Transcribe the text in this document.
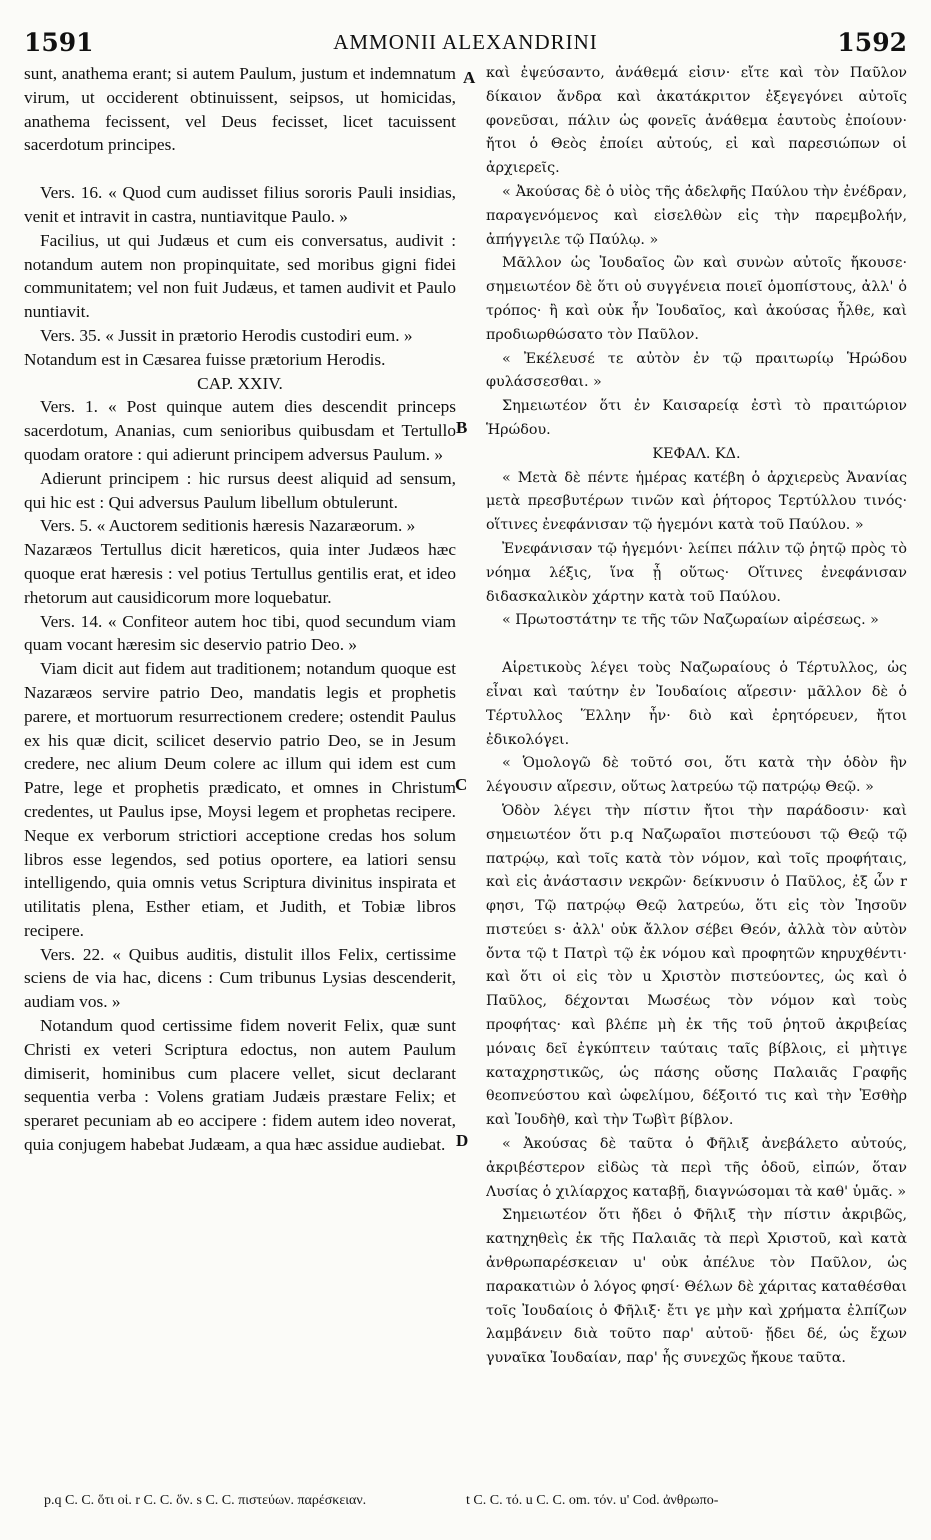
1591	AMMONII ALEXANDRINI	1592

sunt, anathema erant; si autem Paulum, justum et indemnatum virum, ut occiderent obtinuissent, seipsos, ut homicidas, anathema fecissent, vel Deus fecisset, licet tacuissent sacerdotum principes.

Vers. 16. « Quod cum audisset filius sororis Pauli insidias, venit et intravit in castra, nuntiavitque Paulo. »

Facilius, ut qui Judæus et cum eis conversatus, audivit : notandum autem non propinquitate, sed moribus gigni fidei communitatem; vel non fuit Judæus, et tamen audivit et Paulo nuntiavit.

Vers. 35. « Jussit in prætorio Herodis custodiri eum. »

Notandum est in Cæsarea fuisse prætorium Herodis.

CAP. XXIV.

Vers. 1. « Post quinque autem dies descendit princeps sacerdotum, Ananias, cum senioribus quibusdam et Tertullo quodam oratore : qui adierunt principem adversus Paulum. »

Adierunt principem : hic rursus deest aliquid ad sensum, qui hic est : Qui adversus Paulum libellum obtulerunt.

Vers. 5. « Auctorem seditionis hæresis Nazaræorum. »

Nazaræos Tertullus dicit hæreticos, quia inter Judæos hæc quoque erat hæresis : vel potius Tertullus gentilis erat, et ideo rhetorum aut causidicorum more loquebatur.

Vers. 14. « Confiteor autem hoc tibi, quod secundum viam quam vocant hæresim sic deservio patrio Deo. »

Viam dicit aut fidem aut traditionem; notandum quoque est Nazaræos servire patrio Deo, mandatis legis et prophetis parere, et mortuorum resurrectionem credere; ostendit Paulus ex his quæ dicit, scilicet deservio patrio Deo, se in Jesum credere, nec alium Deum colere ac illum qui idem est cum Patre, lege et prophetis prædicato, et omnes in Christum credentes, ut Paulus ipse, Moysi legem et prophetas recipere. Neque ex verborum strictiori acceptione credas hos solum libros esse legendos, sed potius oportere, ea latiori sensu intelligendo, quia omnis vetus Scriptura divinitus inspirata et utilitatis plena, Esther etiam, et Judith, et Tobiæ libros recipere.

Vers. 22. « Quibus auditis, distulit illos Felix, certissime sciens de via hac, dicens : Cum tribunus Lysias descenderit, audiam vos. »

Notandum quod certissime fidem noverit Felix, quæ sunt Christi ex veteri Scriptura edoctus, non autem Paulum dimiserit, hominibus cum placere vellet, sicut declarant sequentia verba : Volens gratiam Judæis præstare Felix; et speraret pecuniam ab eo accipere : fidem autem ideo noverat, quia conjugem habebat Judæam, a qua hæc assidue audiebat.

καὶ ἐψεύσαντο, ἀνάθεμά εἰσιν· εἴτε καὶ τὸν Παῦλον δίκαιον ἄνδρα καὶ ἀκατάκριτον ἐξεγεγόνει αὐτοῖς φονεῦσαι, πάλιν ὡς φονεῖς ἀνάθεμα ἑαυτοὺς ἐποίουν· ἤτοι ὁ Θεὸς ἐποίει αὐτούς, εἰ καὶ παρεσιώπων οἱ ἀρχιερεῖς.

« Ἀκούσας δὲ ὁ υἱὸς τῆς ἀδελφῆς Παύλου τὴν ἐνέδραν, παραγενόμενος καὶ εἰσελθὼν εἰς τὴν παρεμβολήν, ἀπήγγειλε τῷ Παύλῳ. »

Μᾶλλον ὡς Ἰουδαῖος ὢν καὶ συνὼν αὐτοῖς ἤκουσε· σημειωτέον δὲ ὅτι οὐ συγγένεια ποιεῖ ὁμοπίστους, ἀλλ' ὁ τρόπος· ἢ καὶ οὐκ ἦν Ἰουδαῖος, καὶ ἀκούσας ἦλθε, καὶ προδιωρθώσατο τὸν Παῦλον.

« Ἐκέλευσέ τε αὐτὸν ἐν τῷ πραιτωρίῳ Ἡρώδου φυλάσσεσθαι. »

Σημειωτέον ὅτι ἐν Καισαρείᾳ ἐστὶ τὸ πραιτώριον Ἡρώδου.

ΚΕΦΑΛ. ΚΔ.

« Μετὰ δὲ πέντε ἡμέρας κατέβη ὁ ἀρχιερεὺς Ἀνανίας μετὰ πρεσβυτέρων τινῶν καὶ ῥήτορος Τερτύλλου τινός· οἵτινες ἐνεφάνισαν τῷ ἡγεμόνι κατὰ τοῦ Παύλου. »

Ἐνεφάνισαν τῷ ἡγεμόνι· λείπει πάλιν τῷ ῥητῷ πρὸς τὸ νόημα λέξις, ἵνα ᾖ οὕτως· Οἵτινες ἐνεφάνισαν διδασκαλικὸν χάρτην κατὰ τοῦ Παύλου.

« Πρωτοστάτην τε τῆς τῶν Ναζωραίων αἱρέσεως. »

Αἱρετικοὺς λέγει τοὺς Ναζωραίους ὁ Τέρτυλλος, ὡς εἶναι καὶ ταύτην ἐν Ἰουδαίοις αἵρεσιν· μᾶλλον δὲ ὁ Τέρτυλλος Ἕλλην ἦν· διὸ καὶ ἐρητόρευεν, ἤτοι ἐδικολόγει.

« Ὁμολογῶ δὲ τοῦτό σοι, ὅτι κατὰ τὴν ὁδὸν ἣν λέγουσιν αἵρεσιν, οὕτως λατρεύω τῷ πατρῴῳ Θεῷ. »

Ὁδὸν λέγει τὴν πίστιν ἤτοι τὴν παράδοσιν· καὶ σημειωτέον ὅτι p.q Ναζωραῖοι πιστεύουσι τῷ Θεῷ τῷ πατρῴῳ, καὶ τοῖς κατὰ τὸν νόμον, καὶ τοῖς προφήταις, καὶ εἰς ἀνάστασιν νεκρῶν· δείκνυσιν ὁ Παῦλος, ἐξ ὧν r φησι, Τῷ πατρῴῳ Θεῷ λατρεύω, ὅτι εἰς τὸν Ἰησοῦν πιστεύει s· ἀλλ' οὐκ ἄλλον σέβει Θεόν, ἀλλὰ τὸν αὐτὸν ὄντα τῷ t Πατρὶ τῷ ἐκ νόμου καὶ προφητῶν κηρυχθέντι· καὶ ὅτι οἱ εἰς τὸν u Χριστὸν πιστεύοντες, ὡς καὶ ὁ Παῦλος, δέχονται Μωσέως τὸν νόμον καὶ τοὺς προφήτας· καὶ βλέπε μὴ ἐκ τῆς τοῦ ῥητοῦ ἀκριβείας μόναις δεῖ ἐγκύπτειν ταύταις ταῖς βίβλοις, εἰ μὴτιγε καταχρηστικῶς, ὡς πάσης οὔσης Παλαιᾶς Γραφῆς θεοπνεύστου καὶ ὠφελίμου, δέξοιτό τις καὶ τὴν Ἐσθὴρ καὶ Ἰουδὴθ, καὶ τὴν Τωβὶτ βίβλον.

« Ἀκούσας δὲ ταῦτα ὁ Φῆλιξ ἀνεβάλετο αὐτούς, ἀκριβέστερον εἰδὼς τὰ περὶ τῆς ὁδοῦ, εἰπών, ὅταν Λυσίας ὁ χιλίαρχος καταβῇ, διαγνώσομαι τὰ καθ' ὑμᾶς. »

Σημειωτέον ὅτι ἤδει ὁ Φῆλιξ τὴν πίστιν ἀκριβῶς, κατηχηθεὶς ἐκ τῆς Παλαιᾶς τὰ περὶ Χριστοῦ, καὶ κατὰ ἀνθρωπαρέσκειαν u' οὐκ ἀπέλυε τὸν Παῦλον, ὡς παρακατιὼν ὁ λόγος φησί· Θέλων δὲ χάριτας καταθέσθαι τοῖς Ἰουδαίοις ὁ Φῆλιξ· ἔτι γε μὴν καὶ χρήματα ἐλπίζων λαμβάνειν διὰ τοῦτο παρ' αὐτοῦ· ᾔδει δέ, ὡς ἔχων γυναῖκα Ἰουδαίαν, παρ' ἧς συνεχῶς ἤκουε ταῦτα.

A
B
C
D
p.q C. C. ὅτι οἱ. r C. C. ὅν. s C. C. πιστεύων. παρέσκειαν.	t C. C. τό. u C. C. om. τόν. u' Cod. ἀνθρωπο-
